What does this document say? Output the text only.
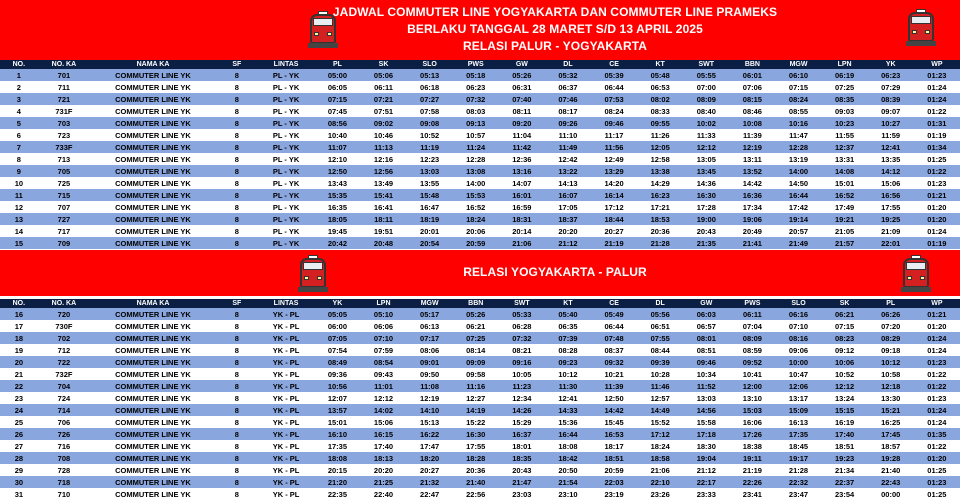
JADWAL COMMUTER LINE YOGYAKARTA DAN COMMUTER LINE PRAMEKS
BERLAKU TANGGAL 28 MARET S/D 13 APRIL 2025
RELASI PALUR - YOGYAKARTA
NO.	NO. KA	NAMA KA	SF	LINTAS	PL	SK	SLO	PWS	GW	DL	CE	KT	SWT	BBN	MGW	LPN	YK	WP
1	701	COMMUTER LINE YK	8	PL - YK	05:00	05:06	05:13	05:18	05:26	05:32	05:39	05:48	05:55	06:01	06:10	06:19	06:23	01:23
2	711	COMMUTER LINE YK	8	PL - YK	06:05	06:11	06:18	06:23	06:31	06:37	06:44	06:53	07:00	07:06	07:15	07:25	07:29	01:24
3	721	COMMUTER LINE YK	8	PL - YK	07:15	07:21	07:27	07:32	07:40	07:46	07:53	08:02	08:09	08:15	08:24	08:35	08:39	01:24
4	731F	COMMUTER LINE YK	8	PL - YK	07:45	07:51	07:58	08:03	08:11	08:17	08:24	08:33	08:40	08:46	08:55	09:03	09:07	01:22
5	703	COMMUTER LINE YK	8	PL - YK	08:56	09:02	09:08	09:13	09:20	09:26	09:46	09:55	10:02	10:08	10:16	10:23	10:27	01:31
6	723	COMMUTER LINE YK	8	PL - YK	10:40	10:46	10:52	10:57	11:04	11:10	11:17	11:26	11:33	11:39	11:47	11:55	11:59	01:19
7	733F	COMMUTER LINE YK	8	PL - YK	11:07	11:13	11:19	11:24	11:42	11:49	11:56	12:05	12:12	12:19	12:28	12:37	12:41	01:34
8	713	COMMUTER LINE YK	8	PL - YK	12:10	12:16	12:23	12:28	12:36	12:42	12:49	12:58	13:05	13:11	13:19	13:31	13:35	01:25
9	705	COMMUTER LINE YK	8	PL - YK	12:50	12:56	13:03	13:08	13:16	13:22	13:29	13:38	13:45	13:52	14:00	14:08	14:12	01:22
10	725	COMMUTER LINE YK	8	PL - YK	13:43	13:49	13:55	14:00	14:07	14:13	14:20	14:29	14:36	14:42	14:50	15:01	15:06	01:23
11	715	COMMUTER LINE YK	8	PL - YK	15:35	15:41	15:48	15:53	16:01	16:07	16:14	16:23	16:30	16:36	16:44	16:52	16:56	01:21
12	707	COMMUTER LINE YK	8	PL - YK	16:35	16:41	16:47	16:52	16:59	17:05	17:12	17:21	17:28	17:34	17:42	17:49	17:55	01:20
13	727	COMMUTER LINE YK	8	PL - YK	18:05	18:11	18:19	18:24	18:31	18:37	18:44	18:53	19:00	19:06	19:14	19:21	19:25	01:20
14	717	COMMUTER LINE YK	8	PL - YK	19:45	19:51	20:01	20:06	20:14	20:20	20:27	20:36	20:43	20:49	20:57	21:05	21:09	01:24
15	709	COMMUTER LINE YK	8	PL - YK	20:42	20:48	20:54	20:59	21:06	21:12	21:19	21:28	21:35	21:41	21:49	21:57	22:01	01:19
RELASI YOGYAKARTA - PALUR
NO.	NO. KA	NAMA KA	SF	LINTAS	YK	LPN	MGW	BBN	SWT	KT	CE	DL	GW	PWS	SLO	SK	PL	WP
16	720	COMMUTER LINE YK	8	YK - PL	05:05	05:10	05:17	05:26	05:33	05:40	05:49	05:56	06:03	06:11	06:16	06:21	06:26	01:21
17	730F	COMMUTER LINE YK	8	YK - PL	06:00	06:06	06:13	06:21	06:28	06:35	06:44	06:51	06:57	07:04	07:10	07:15	07:20	01:20
18	702	COMMUTER LINE YK	8	YK - PL	07:05	07:10	07:17	07:25	07:32	07:39	07:48	07:55	08:01	08:09	08:16	08:23	08:29	01:24
19	712	COMMUTER LINE YK	8	YK - PL	07:54	07:59	08:06	08:14	08:21	08:28	08:37	08:44	08:51	08:59	09:06	09:12	09:18	01:24
20	722	COMMUTER LINE YK	8	YK - PL	08:49	08:54	09:01	09:09	09:16	09:23	09:32	09:39	09:46	09:52	10:00	10:06	10:12	01:23
21	732F	COMMUTER LINE YK	8	YK - PL	09:36	09:43	09:50	09:58	10:05	10:12	10:21	10:28	10:34	10:41	10:47	10:52	10:58	01:22
22	704	COMMUTER LINE YK	8	YK - PL	10:56	11:01	11:08	11:16	11:23	11:30	11:39	11:46	11:52	12:00	12:06	12:12	12:18	01:22
23	724	COMMUTER LINE YK	8	YK - PL	12:07	12:12	12:19	12:27	12:34	12:41	12:50	12:57	13:03	13:10	13:17	13:24	13:30	01:23
24	714	COMMUTER LINE YK	8	YK - PL	13:57	14:02	14:10	14:19	14:26	14:33	14:42	14:49	14:56	15:03	15:09	15:15	15:21	01:24
25	706	COMMUTER LINE YK	8	YK - PL	15:01	15:06	15:13	15:22	15:29	15:36	15:45	15:52	15:58	16:06	16:13	16:19	16:25	01:24
26	726	COMMUTER LINE YK	8	YK - PL	16:10	16:15	16:22	16:30	16:37	16:44	16:53	17:12	17:18	17:26	17:35	17:40	17:45	01:35
27	716	COMMUTER LINE YK	8	YK - PL	17:35	17:40	17:47	17:55	18:01	18:08	18:17	18:24	18:30	18:38	18:45	18:51	18:57	01:22
28	708	COMMUTER LINE YK	8	YK - PL	18:08	18:13	18:20	18:28	18:35	18:42	18:51	18:58	19:04	19:11	19:17	19:23	19:28	01:20
29	728	COMMUTER LINE YK	8	YK - PL	20:15	20:20	20:27	20:36	20:43	20:50	20:59	21:06	21:12	21:19	21:28	21:34	21:40	01:25
30	718	COMMUTER LINE YK	8	YK - PL	21:20	21:25	21:32	21:40	21:47	21:54	22:03	22:10	22:17	22:26	22:32	22:37	22:43	01:23
31	710	COMMUTER LINE YK	8	YK - PL	22:35	22:40	22:47	22:56	23:03	23:10	23:19	23:26	23:33	23:41	23:47	23:54	00:00	01:25
